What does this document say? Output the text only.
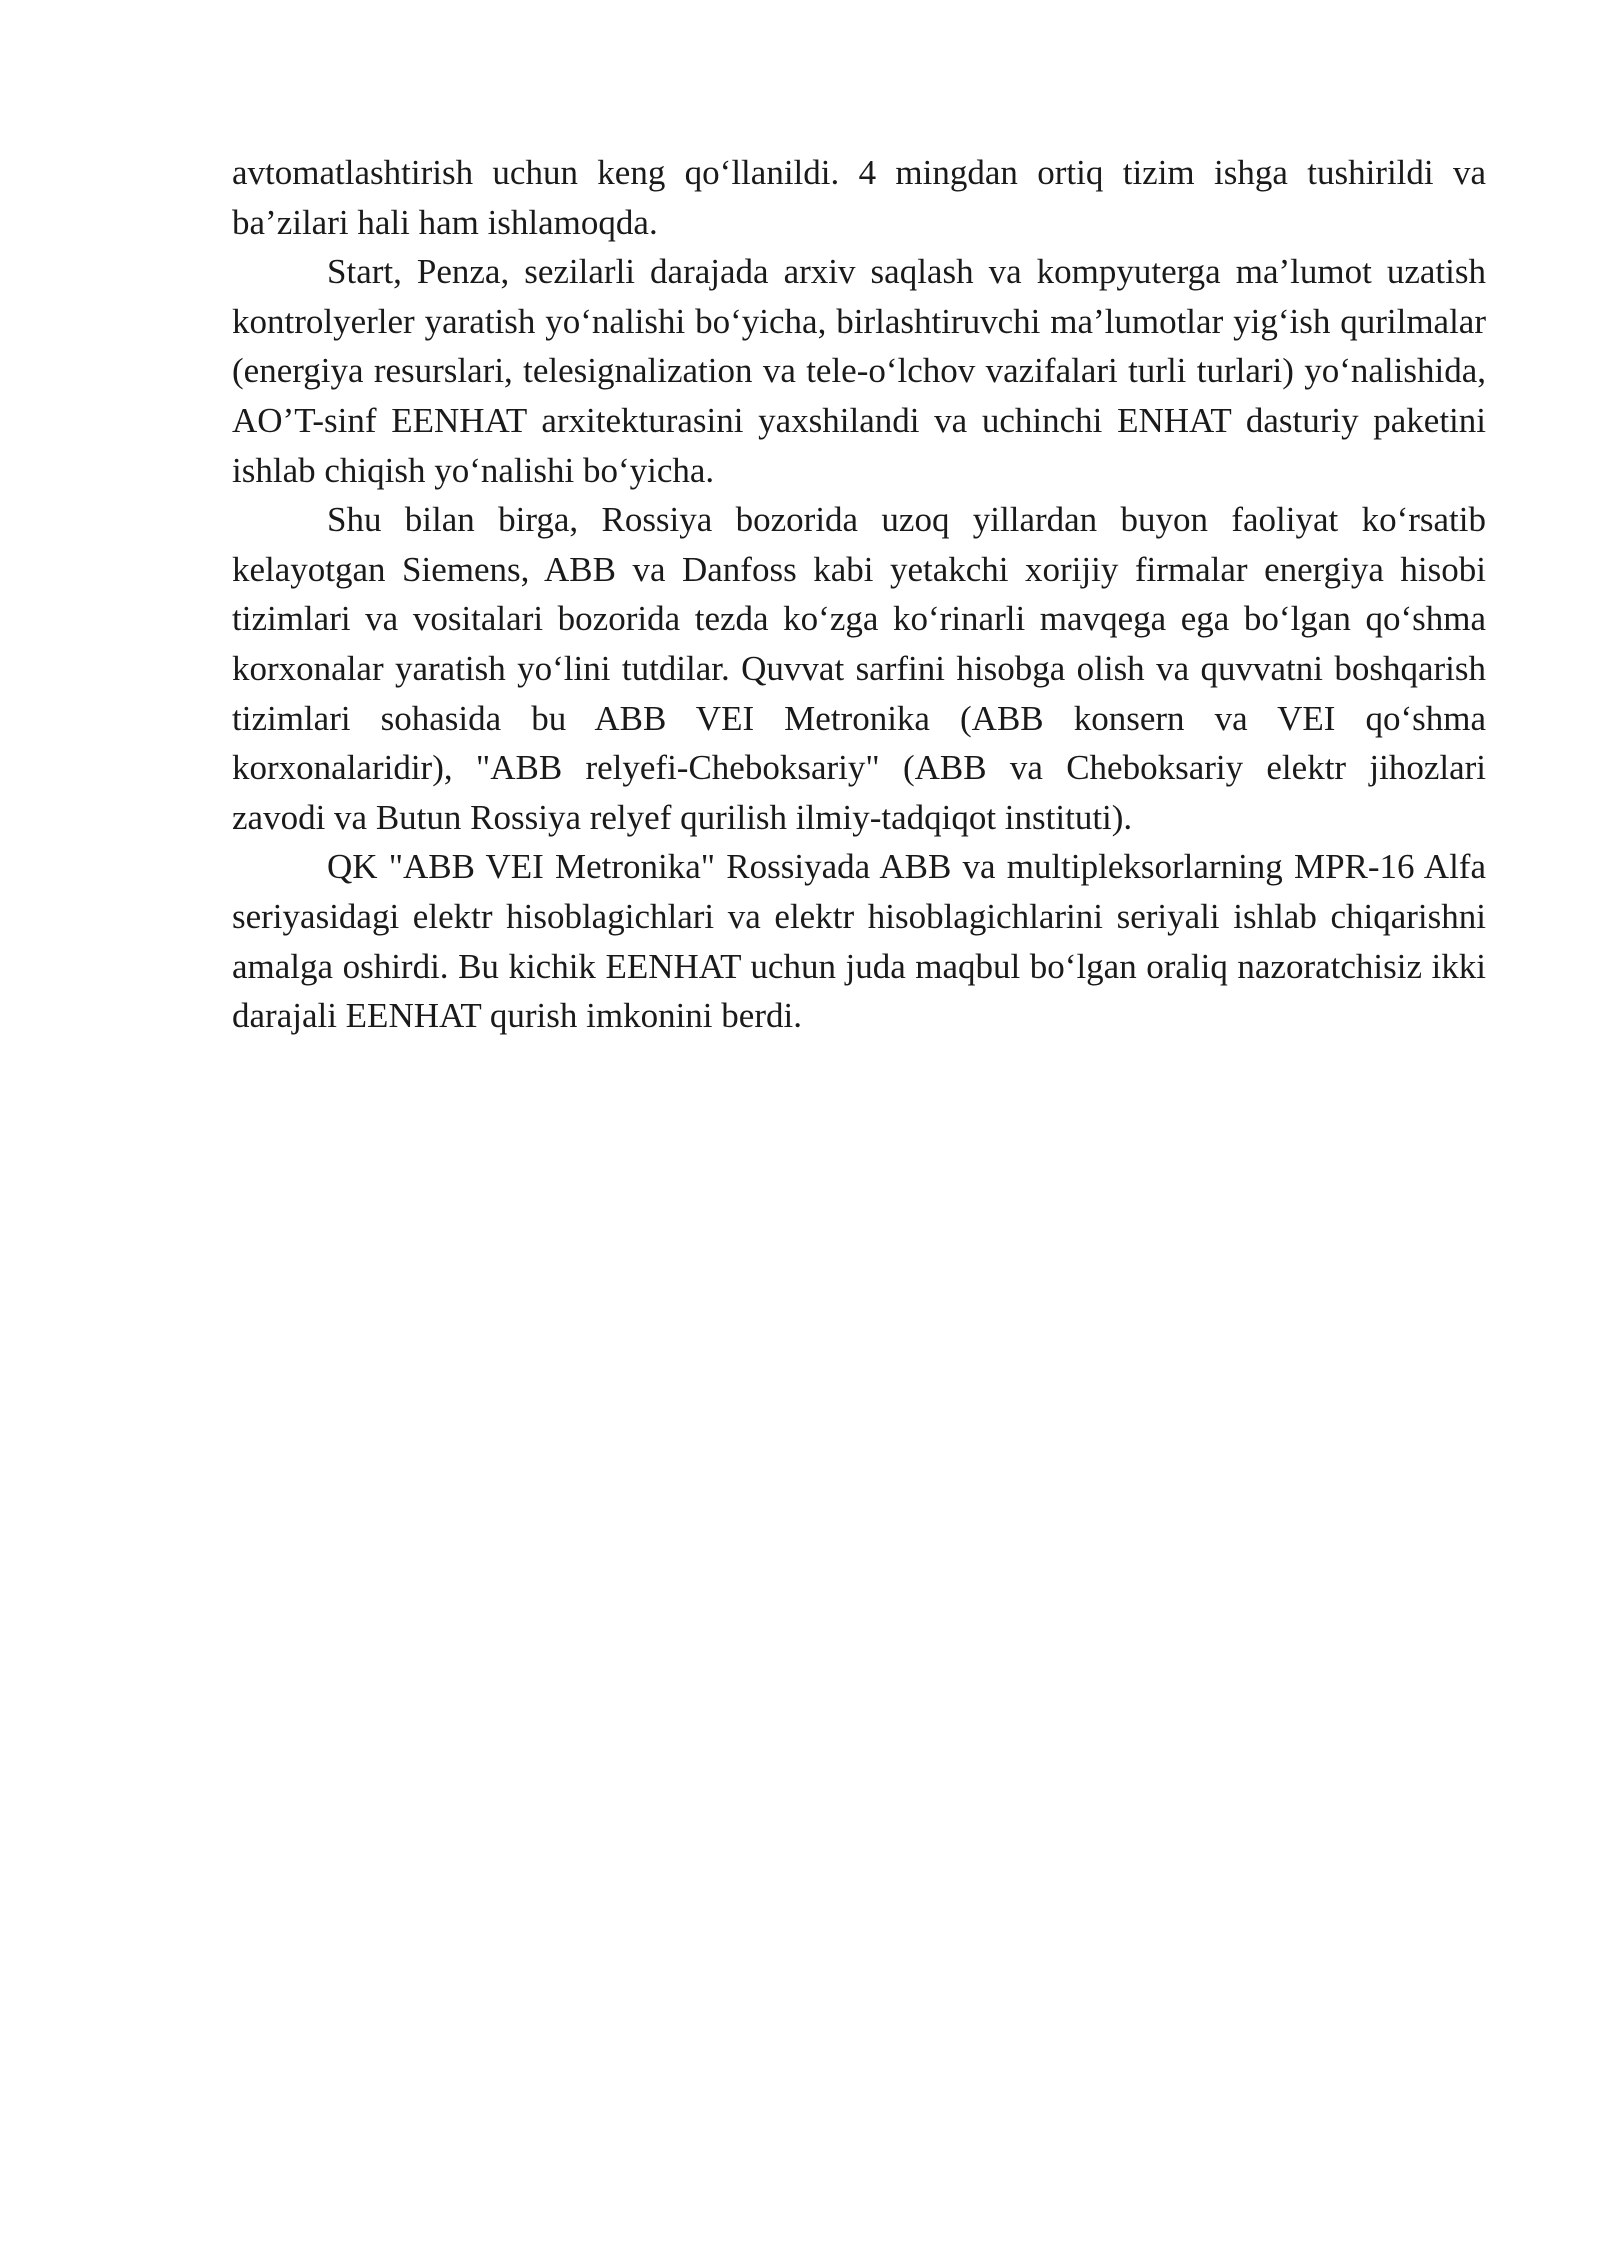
avtomatlashtirish uchun keng qo‘llanildi. 4 mingdan ortiq tizim ishga tushirildi va ba’zilari hali ham ishlamoqda.

Start, Penza, sezilarli darajada arxiv saqlash va kompyuterga ma’lumot uzatish kontrolyerler yaratish yo‘nalishi bo‘yicha, birlashtiruvchi ma’lumotlar yig‘ish qurilmalar (energiya resurslari, telesignalization va tele-o‘lchov vazifalari turli turlari) yo‘nalishida, AO’T-sinf EENHAT arxitekturasini yaxshilandi va uchinchi ENHAT dasturiy paketini ishlab chiqish yo‘nalishi bo‘yicha.

Shu bilan birga, Rossiya bozorida uzoq yillardan buyon faoliyat ko‘rsatib kelayotgan Siemens, ABB va Danfoss kabi yetakchi xorijiy firmalar energiya hisobi tizimlari va vositalari bozorida tezda ko‘zga ko‘rinarli mavqega ega bo‘lgan qo‘shma korxonalar yaratish yo‘lini tutdilar. Quvvat sarfini hisobga olish va quvvatni boshqarish tizimlari sohasida bu ABB VEI Metronika (ABB konsern va VEI qo‘shma korxonalaridir), "ABB relyefi-Cheboksariy" (ABB va Cheboksariy elektr jihozlari zavodi va Butun Rossiya relyef qurilish ilmiy-tadqiqot instituti).

QK "ABB VEI Metronika" Rossiyada ABB va multipleksorlarning MPR-16 Alfa seriyasidagi elektr hisoblagichlari va elektr hisoblagichlarini seriyali ishlab chiqarishni amalga oshirdi. Bu kichik EENHAT uchun juda maqbul bo‘lgan oraliq nazoratchisiz ikki darajali EENHAT qurish imkonini berdi.
